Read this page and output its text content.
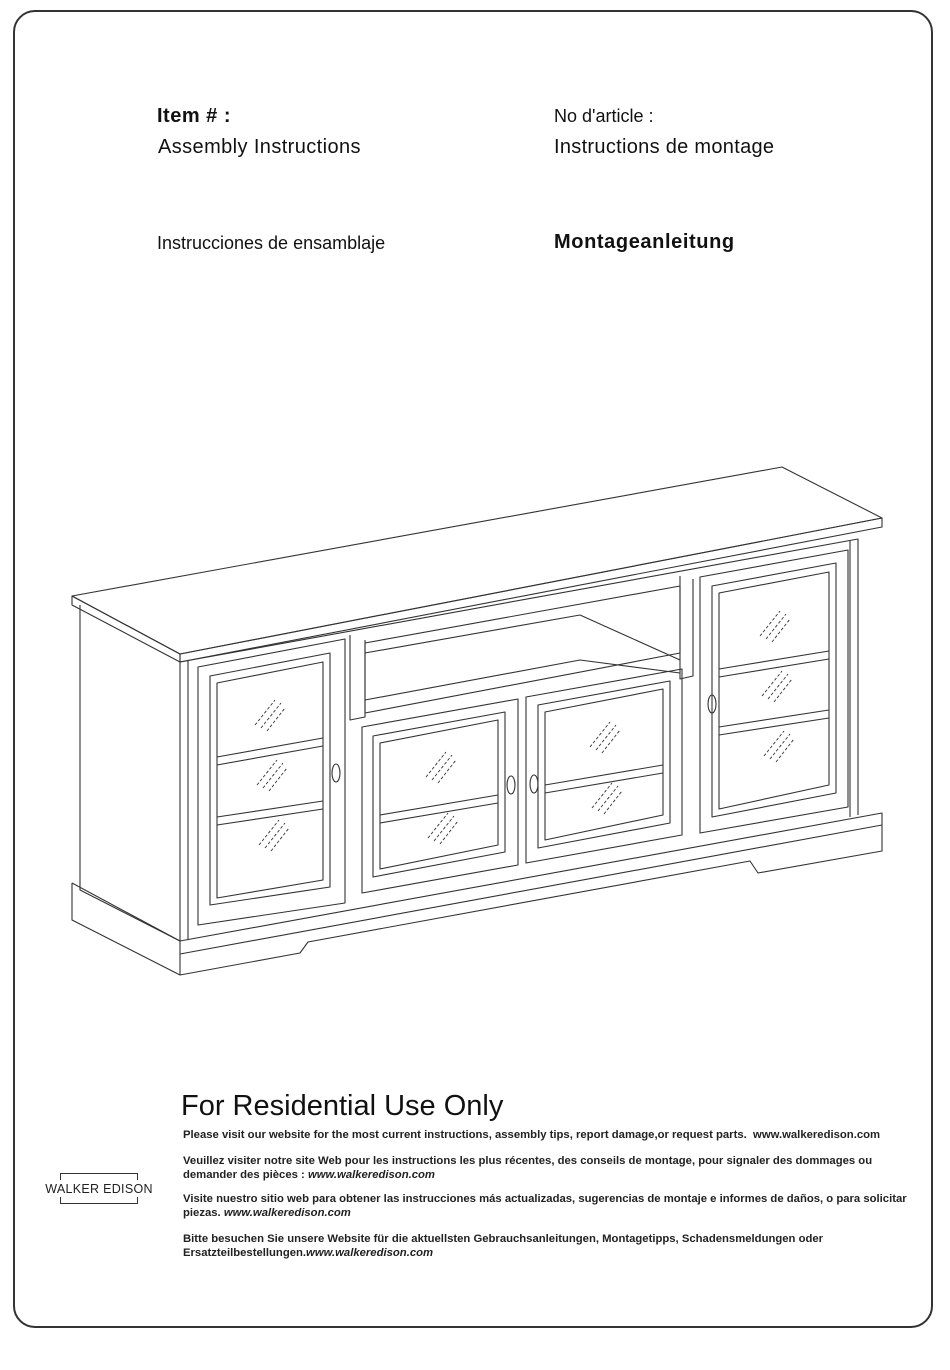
Item # :
Assembly Instructions
No d'article :
Instructions de montage
Instrucciones de ensamblaje	Montageanleitung
For Residential Use Only
Please visit our website for the most current instructions, assembly tips, report damage,or request parts. www.walkeredison.com
Veuillez visiter notre site Web pour les instructions les plus récentes, des conseils de montage, pour signaler des dommages ou demander des pièces : www.walkeredison.com
Visite nuestro sitio web para obtener las instrucciones más actualizadas, sugerencias de montaje e informes de daños, o para solicitar piezas. www.walkeredison.com
Bitte besuchen Sie unsere Website für die aktuellsten Gebrauchsanleitungen, Montagetipps, Schadensmeldungen oder Ersatzteilbestellungen.www.walkeredison.com
WALKER EDISON
